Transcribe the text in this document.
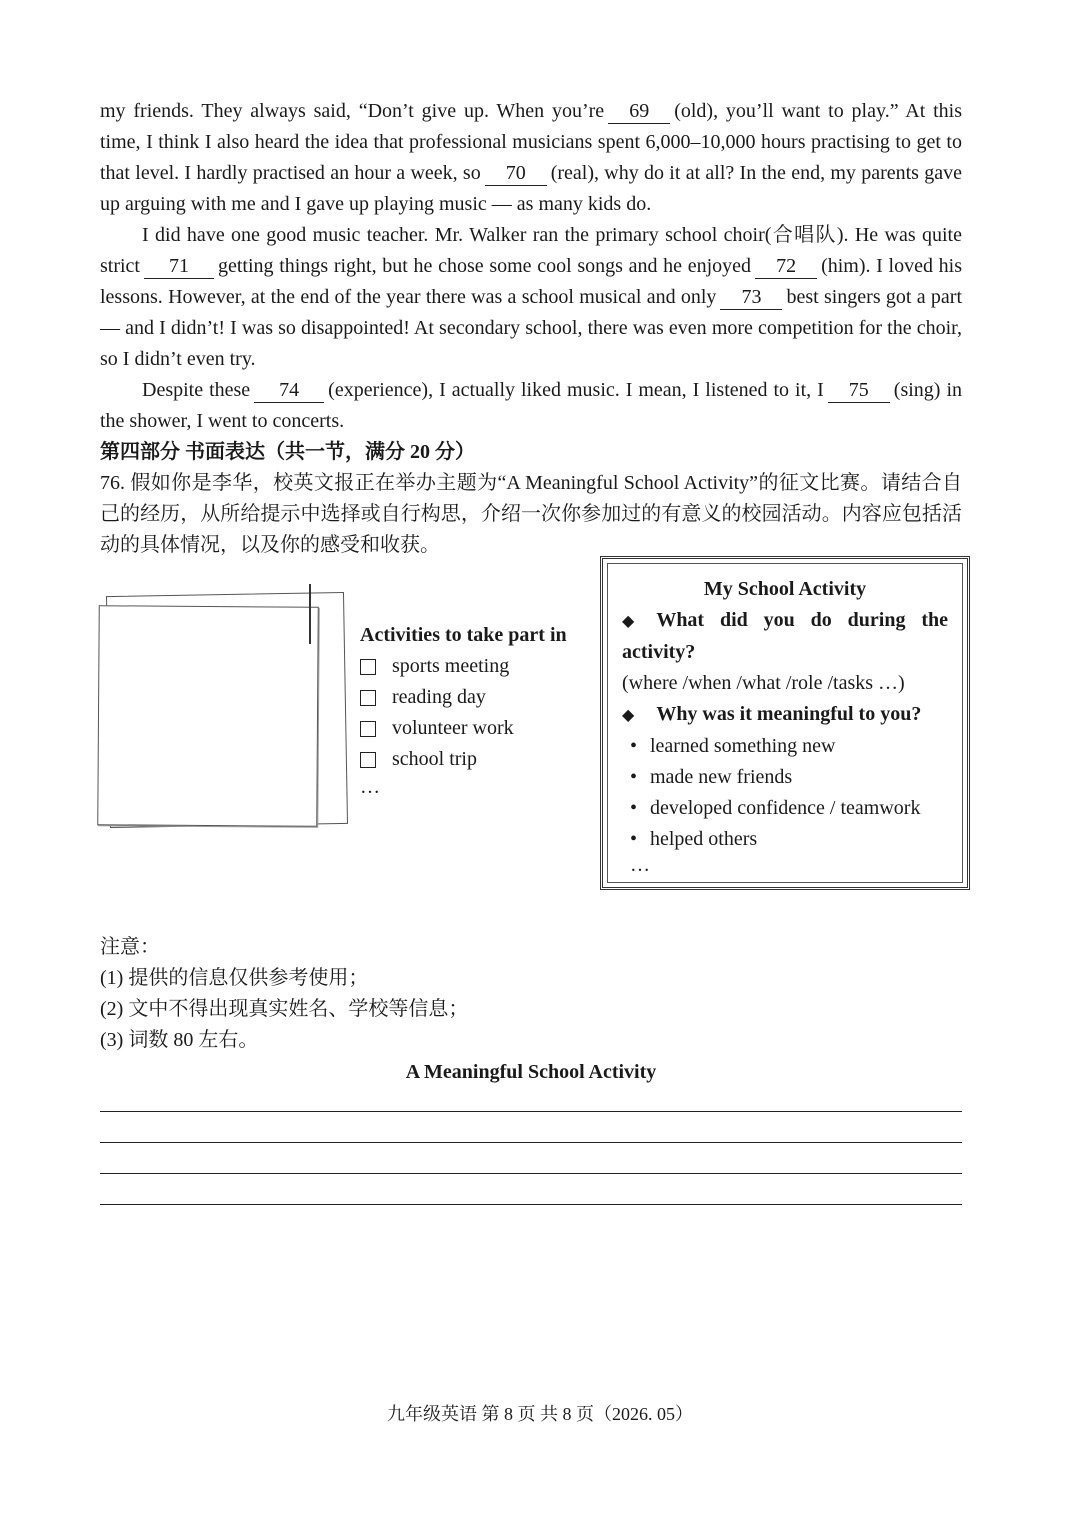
my friends. They always said, “Don’t give up. When you’re 69 (old), you’ll want to play.” At this time, I think I also heard the idea that professional musicians spent 6,000–10,000 hours practising to get to that level. I hardly practised an hour a week, so 70 (real), why do it at all? In the end, my parents gave up arguing with me and I gave up playing music — as many kids do.

I did have one good music teacher. Mr. Walker ran the primary school choir(合唱队). He was quite strict 71 getting things right, but he chose some cool songs and he enjoyed 72 (him). I loved his lessons. However, at the end of the year there was a school musical and only 73 best singers got a part — and I didn’t! I was so disappointed! At secondary school, there was even more competition for the choir, so I didn’t even try.

Despite these 74 (experience), I actually liked music. I mean, I listened to it, I 75 (sing) in the shower, I went to concerts.

第四部分 书面表达（共一节，满分 20 分）

76. 假如你是李华，校英文报正在举办主题为“A Meaningful School Activity”的征文比赛。请结合自己的经历，从所给提示中选择或自行构思，介绍一次你参加过的有意义的校园活动。内容应包括活动的具体情况，以及你的感受和收获。

Activities to take part in
sports meeting
reading day
volunteer work
school trip
…
My School Activity
◆ What did you do during the activity?
(where /when /what /role /tasks …)
◆ Why was it meaningful to you?
• learned something new
• made new friends
• developed confidence / teamwork
• helped others
…
注意：
(1) 提供的信息仅供参考使用；
(2) 文中不得出现真实姓名、学校等信息；
(3) 词数 80 左右。
A Meaningful School Activity
九年级英语 第 8 页 共 8 页（2026. 05）
